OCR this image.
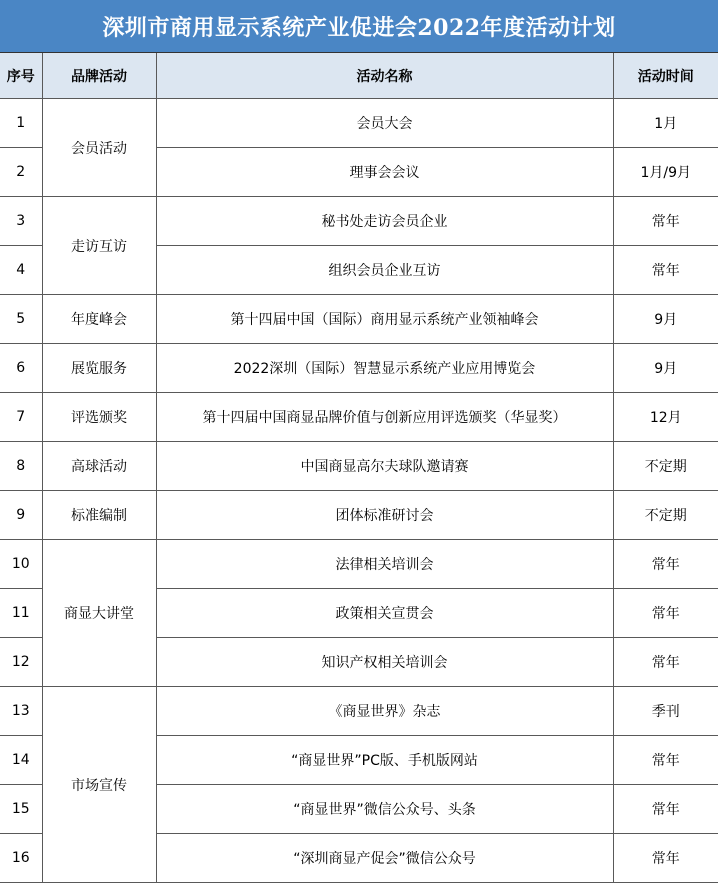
深圳市商用显示系统产业促进会2022年度活动计划
序号	品牌活动	活动名称	活动时间
1	会员活动	会员大会	1月
2		理事会会议	1月/9月
3	走访互访	秘书处走访会员企业	常年
4		组织会员企业互访	常年
5	年度峰会	第十四届中国（国际）商用显示系统产业领袖峰会	9月
6	展览服务	2022深圳（国际）智慧显示系统产业应用博览会	9月
7	评选颁奖	第十四届中国商显品牌价值与创新应用评选颁奖（华显奖）	12月
8	高球活动	中国商显高尔夫球队邀请赛	不定期
9	标准编制	团体标准研讨会	不定期
10	商显大讲堂	法律相关培训会	常年
11		政策相关宣贯会	常年
12		知识产权相关培训会	常年
13	市场宣传	《商显世界》杂志	季刊
14		“商显世界”PC版、手机版网站	常年
15		“商显世界”微信公众号、头条	常年
16		“深圳商显产促会”微信公众号	常年
